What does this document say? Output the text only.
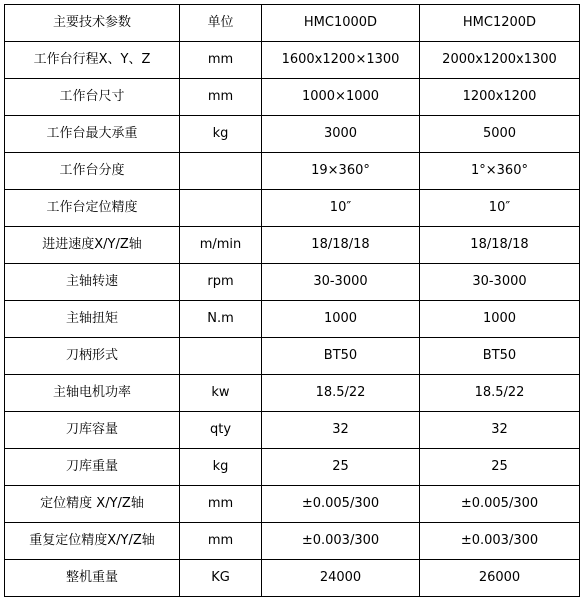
主要技术参数	单位	HMC1000D	HMC1200D
工作台行程X、Y、Z	mm	1600x1200×1300	2000x1200x1300
工作台尺寸	mm	1000×1000	1200x1200
工作台最大承重	kg	3000	5000
工作台分度		19×360°	1°×360°
工作台定位精度		10″	10″
进进速度X/Y/Z轴	m/min	18/18/18	18/18/18
主轴转速	rpm	30-3000	30-3000
主轴扭矩	N.m	1000	1000
刀柄形式		BT50	BT50
主轴电机功率	kw	18.5/22	18.5/22
刀库容量	qty	32	32
刀库重量	kg	25	25
定位精度 X/Y/Z轴	mm	±0.005/300	±0.005/300
重复定位精度X/Y/Z轴	mm	±0.003/300	±0.003/300
整机重量	KG	24000	26000
